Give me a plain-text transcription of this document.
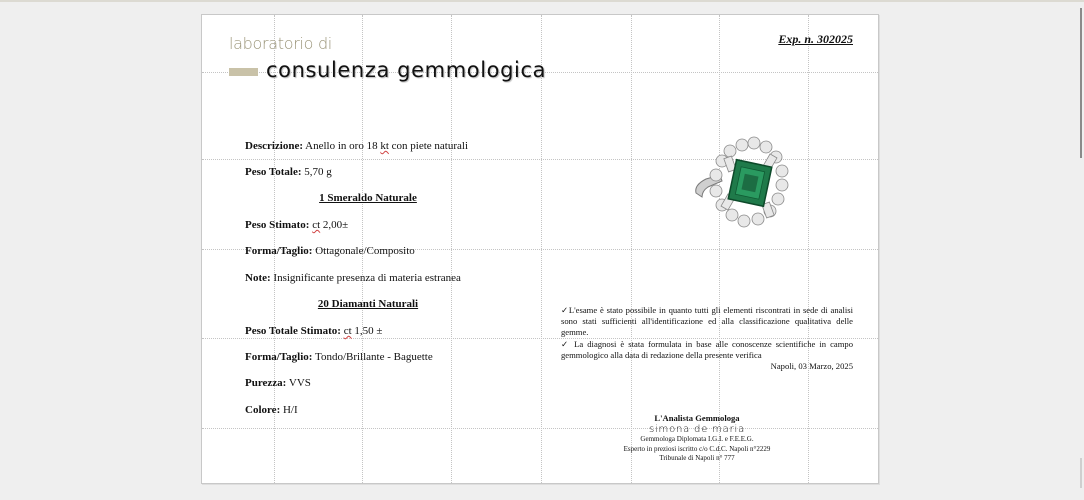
laboratorio di
consulenza gemmologica
Exp. n. 302025
Descrizione: Anello in oro 18 kt con piete naturali
Peso Totale: 5,70 g
1 Smeraldo Naturale
Peso Stimato: ct 2,00±
Forma/Taglio: Ottagonale/Composito
Note: Insignificante presenza di materia estranea
20 Diamanti Naturali
Peso Totale Stimato: ct 1,50 ±
Forma/Taglio: Tondo/Brillante - Baguette
Purezza: VVS
Colore: H/I

✓L'esame è stato possibile in quanto tutti gli elementi riscontrati in sede di analisi sono stati sufficienti all'identificazione ed alla classificazione qualitativa delle gemme.

✓ La diagnosi è stata formulata in base alle conoscenze scientifiche in campo gemmologico alla data di redazione della presente verifica

Napoli, 03 Marzo, 2025

L'Analista Gemmologa
simona de maria
Gemmologa Diplomata I.G.I. e F.E.E.G.
Esperto in preziosi iscritto c/o C.d.C. Napoli n°2229
Tribunale di Napoli n° 777
